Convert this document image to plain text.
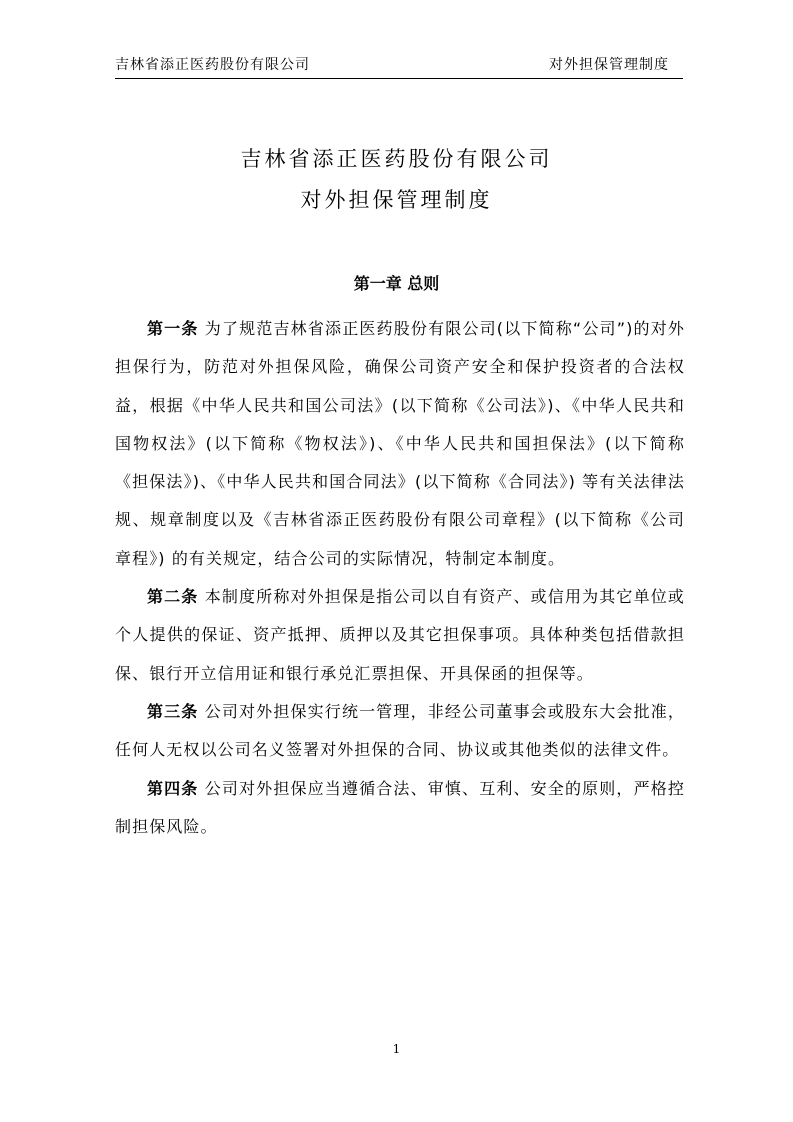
吉林省添正医药股份有限公司	对外担保管理制度
吉林省添正医药股份有限公司
对外担保管理制度
第一章 总则

第一条 为了规范吉林省添正医药股份有限公司(以下简称“公司”)的对外担保行为，防范对外担保风险，确保公司资产安全和保护投资者的合法权益，根据《中华人民共和国公司法》(以下简称《公司法》)、《中华人民共和国物权法》(以下简称《物权法》)、《中华人民共和国担保法》(以下简称《担保法》)、《中华人民共和国合同法》(以下简称《合同法》) 等有关法律法规、规章制度以及《吉林省添正医药股份有限公司章程》(以下简称《公司章程》) 的有关规定，结合公司的实际情况，特制定本制度。

第二条 本制度所称对外担保是指公司以自有资产、或信用为其它单位或个人提供的保证、资产抵押、质押以及其它担保事项。具体种类包括借款担保、银行开立信用证和银行承兑汇票担保、开具保函的担保等。

第三条 公司对外担保实行统一管理，非经公司董事会或股东大会批准，任何人无权以公司名义签署对外担保的合同、协议或其他类似的法律文件。

第四条 公司对外担保应当遵循合法、审慎、互利、安全的原则，严格控制担保风险。

1
